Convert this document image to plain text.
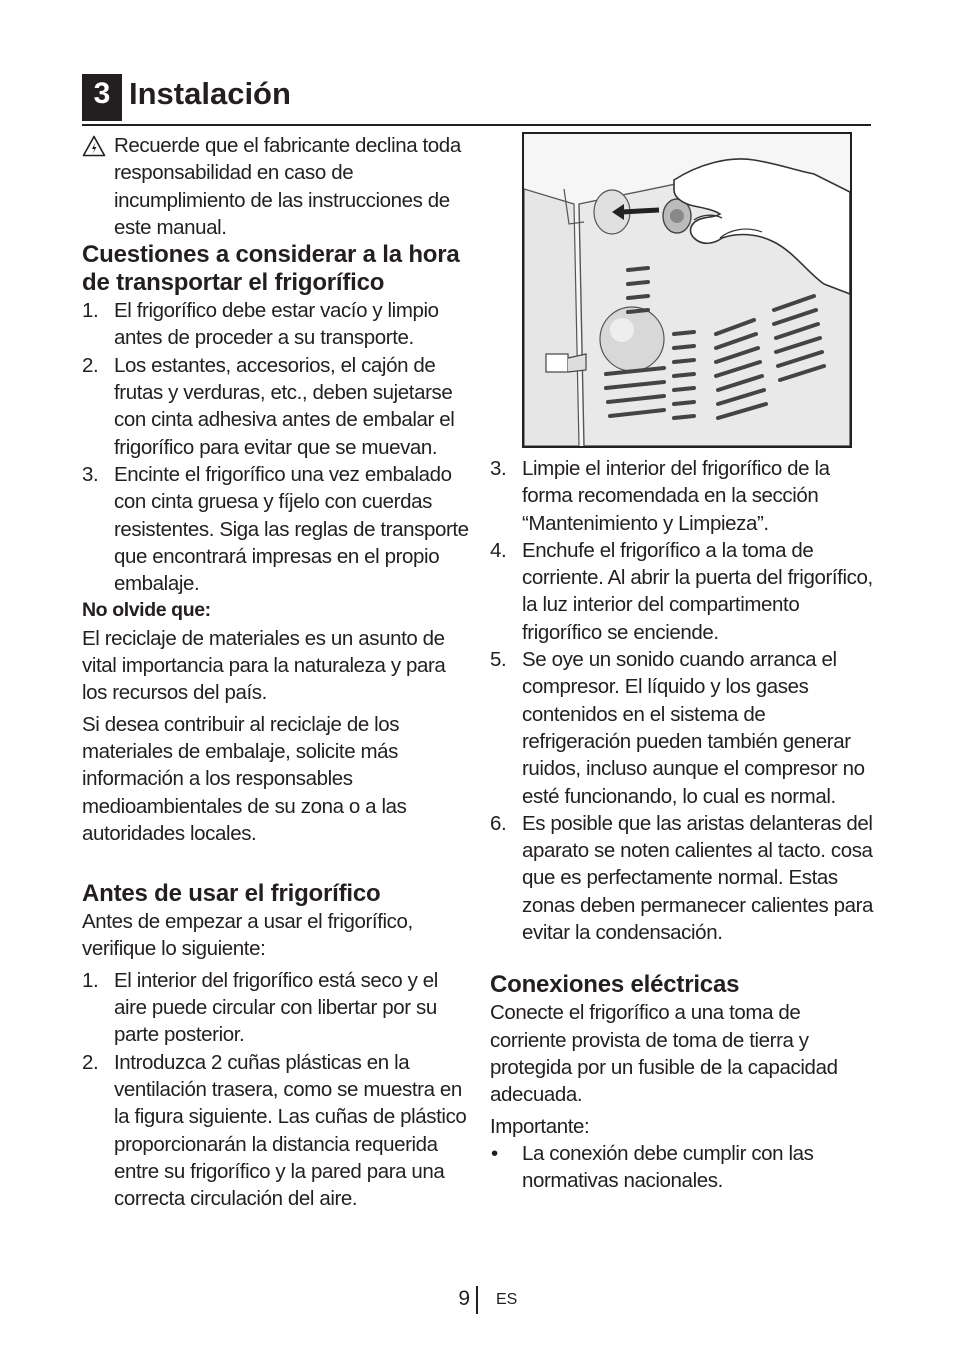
3 Instalación
Recuerde que el fabricante declina toda responsabilidad en caso de incumplimiento de las instrucciones de este manual.
Cuestiones a considerar a la hora de transportar el frigorífico
1. El frigorífico debe estar vacío y limpio antes de proceder a su transporte.
2. Los estantes, accesorios, el cajón de frutas y verduras, etc., deben sujetarse con cinta adhesiva antes de embalar el frigorífico para evitar que se muevan.
3. Encinte el frigorífico una vez embalado con cinta gruesa y fíjelo con cuerdas resistentes. Siga las reglas de transporte que encontrará impresas en el propio embalaje.

No olvide que:

El reciclaje de materiales es un asunto de vital importancia para la naturaleza y para los recursos del país.

Si desea contribuir al reciclaje de los materiales de embalaje, solicite más información a los responsables medioambientales de su zona o a las autoridades locales.

Antes de usar el frigorífico

Antes de empezar a usar el frigorífico, verifique lo siguiente:

1. El interior del frigorífico está seco y el aire puede circular con libertar por su parte posterior.
2. Introduzca 2 cuñas plásticas en la ventilación trasera, como se muestra en la figura siguiente. Las cuñas de plástico proporcionarán la distancia requerida entre su frigorífico y la pared para una correcta circulación del aire.
3. Limpie el interior del frigorífico de la forma recomendada en la sección “Mantenimiento y Limpieza”.
4. Enchufe el frigorífico a la toma de corriente. Al abrir la puerta del frigorífico, la luz interior del compartimento frigorífico se enciende.
5. Se oye un sonido cuando arranca el compresor. El líquido y los gases contenidos en el sistema de refrigeración pueden también generar ruidos, incluso aunque el compresor no esté funcionando, lo cual es normal.
6. Es posible que las aristas delanteras del aparato se noten calientes al tacto. cosa que es perfectamente normal. Estas zonas deben permanecer calientes para evitar la condensación.
Conexiones eléctricas

Conecte el frigorífico a una toma de corriente provista de toma de tierra y protegida por un fusible de la capacidad adecuada.

Importante:

• La conexión debe cumplir con las normativas nacionales.
9 ES
